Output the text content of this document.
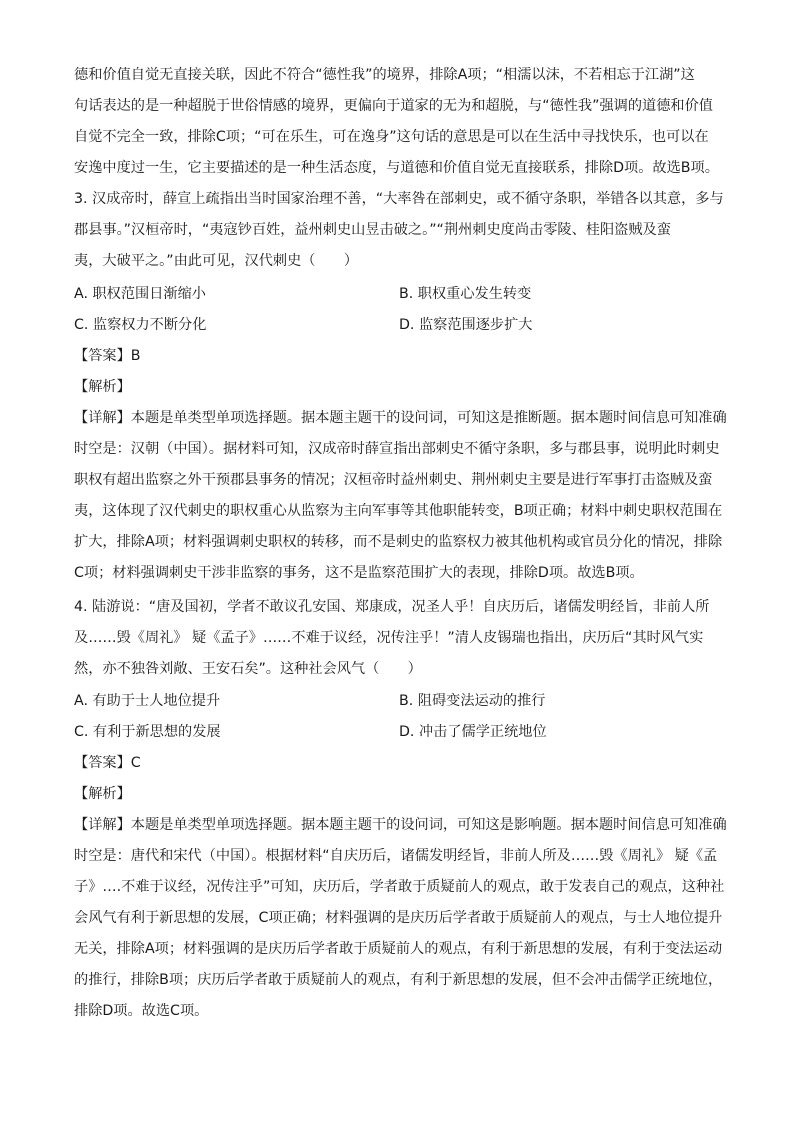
德和价值自觉无直接关联，因此不符合“德性我”的境界，排除A项；“相濡以沫，不若相忘于江湖”这
句话表达的是一种超脱于世俗情感的境界，更偏向于道家的无为和超脱，与“德性我”强调的道德和价值
自觉不完全一致，排除C项；“可在乐生，可在逸身”这句话的意思是可以在生活中寻找快乐，也可以在
安逸中度过一生，它主要描述的是一种生活态度，与道德和价值自觉无直接联系，排除D项。故选B项。
3. 汉成帝时，薛宣上疏指出当时国家治理不善，“大率咎在部刺史，或不循守条职，举错各以其意，多与
郡县事。”汉桓帝时，“夷寇钞百姓，益州刺史山昱击破之。”“荆州刺史度尚击零陵、桂阳盗贼及蛮
夷，大破平之。”由此可见，汉代刺史（　　）
A. 职权范围日渐缩小	B. 职权重心发生转变
C. 监察权力不断分化	D. 监察范围逐步扩大
【答案】B
【解析】
【详解】本题是单类型单项选择题。据本题主题干的设问词，可知这是推断题。据本题时间信息可知准确
时空是：汉朝（中国）。据材料可知，汉成帝时薛宣指出部刺史不循守条职，多与郡县事，说明此时刺史
职权有超出监察之外干预郡县事务的情况；汉桓帝时益州刺史、荆州刺史主要是进行军事打击盗贼及蛮
夷，这体现了汉代刺史的职权重心从监察为主向军事等其他职能转变，B项正确；材料中刺史职权范围在
扩大，排除A项；材料强调刺史职权的转移，而不是刺史的监察权力被其他机构或官员分化的情况，排除
C项；材料强调刺史干涉非监察的事务，这不是监察范围扩大的表现，排除D项。故选B项。
4. 陆游说：“唐及国初，学者不敢议孔安国、郑康成，况圣人乎！自庆历后，诸儒发明经旨，非前人所
及……毁《周礼》 疑《孟子》……不难于议经，况传注乎！”清人皮锡瑞也指出，庆历后“其时风气实
然，亦不独咎刘敞、王安石矣”。这种社会风气（　　）
A. 有助于士人地位提升	B. 阻碍变法运动的推行
C. 有利于新思想的发展	D. 冲击了儒学正统地位
【答案】C
【解析】
【详解】本题是单类型单项选择题。据本题主题干的设问词，可知这是影响题。据本题时间信息可知准确
时空是：唐代和宋代（中国）。根据材料“自庆历后，诸儒发明经旨，非前人所及……毁《周礼》 疑《孟
子》….不难于议经，况传注乎”可知，庆历后，学者敢于质疑前人的观点，敢于发表自己的观点，这种社
会风气有利于新思想的发展，C项正确；材料强调的是庆历后学者敢于质疑前人的观点，与士人地位提升
无关，排除A项；材料强调的是庆历后学者敢于质疑前人的观点，有利于新思想的发展，有利于变法运动
的推行，排除B项；庆历后学者敢于质疑前人的观点，有利于新思想的发展，但不会冲击儒学正统地位，
排除D项。故选C项。
